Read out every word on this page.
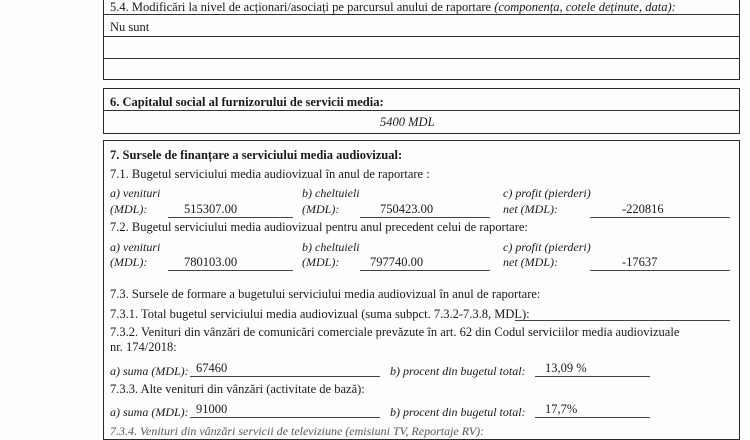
5.4. Modificări la nivel de acționari/asociați pe parcursul anului de raportare (componența, cotele deținute, data):
Nu sunt
6. Capitalul social al furnizorului de servicii media:
5400 MDL
7. Sursele de finanțare a serviciului media audiovizual:
7.1. Bugetul serviciului media audiovizual în anul de raportare :
a) venituri
(MDL):	515307.00
b) cheltuieli
(MDL):	750423.00
c) profit (pierderi)
net (MDL):	-220816
7.2. Bugetul serviciului media audiovizual pentru anul precedent celui de raportare:
a) venituri
(MDL):	780103.00
b) cheltuieli
(MDL): 797740.00
c) profit (pierderi)
net (MDL):	-17637
7.3. Sursele de formare a bugetului serviciului media audiovizual în anul de raportare:
7.3.1. Total bugetul serviciului media audiovizual (suma subpct. 7.3.2-7.3.8, MDL):
7.3.2. Venituri din vânzări de comunicări comerciale prevăzute în art. 62 din Codul serviciilor media audiovizuale
nr. 174/2018:
a) suma (MDL): 67460	b) procent din bugetul total: 13,09 %
7.3.3. Alte venituri din vânzări (activitate de bază):
a) suma (MDL): 91000	b) procent din bugetul total: 17,7%
7.3.4. Venituri din vânzări servicii de televiziune (emisiuni TV, Reportaje RV):
